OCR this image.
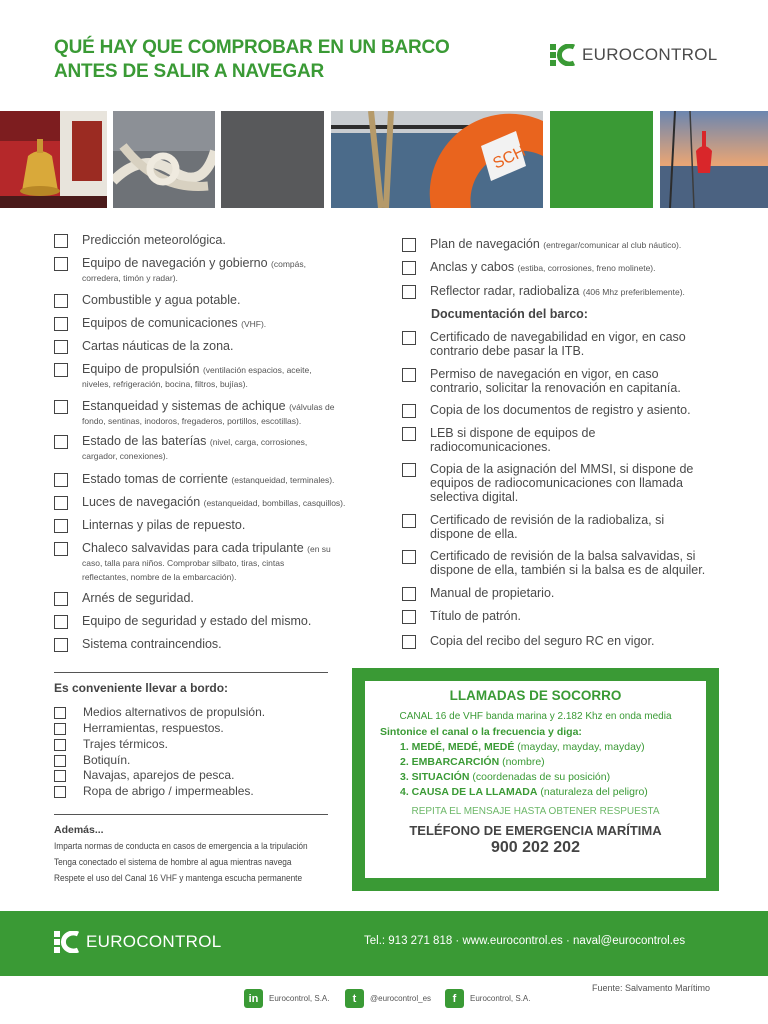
QUÉ HAY QUE COMPROBAR EN UN BARCO
ANTES DE SALIR A NAVEGAR
EUROCONTROL
SCH
Predicción meteorológica.
Equipo de navegación y gobierno (compás,
corredera, timón y radar).
Combustible y agua potable.
Equipos de comunicaciones (VHF).
Cartas náuticas de la zona.
Equipo de propulsión (ventilación espacios, aceite,
niveles, refrigeración, bocina, filtros, bujías).
Estanqueidad y sistemas de achique (válvulas de
fondo, sentinas, inodoros, fregaderos, portillos, escotillas).
Estado de las baterías (nivel, carga, corrosiones,
cargador, conexiones).
Estado tomas de corriente (estanqueidad, terminales).
Luces de navegación (estanqueidad, bombillas, casquillos).
Linternas y pilas de repuesto.
Chaleco salvavidas para cada tripulante (en su
caso, talla para niños. Comprobar silbato, tiras, cintas
reflectantes, nombre de la embarcación).
Arnés de seguridad.
Equipo de seguridad y estado del mismo.
Sistema contraincendios.
Plan de navegación (entregar/comunicar al club náutico).
Anclas y cabos (estiba, corrosiones, freno molinete).
Reflector radar, radiobaliza (406 Mhz preferiblemente).
Certificado de navegabilidad en vigor, en caso
contrario debe pasar la ITB.
Permiso de navegación en vigor, en caso
contrario, solicitar la renovación en capitanía.
Copia de los documentos de registro y asiento.
LEB si dispone de equipos de
radiocomunicaciones.
Copia de la asignación del MMSI, si dispone de
equipos de radiocomunicaciones con llamada
selectiva digital.
Certificado de revisión de la radiobaliza, si
dispone de ella.
Certificado de revisión de la balsa salvavidas, si
dispone de ella, también si la balsa es de alquiler.
Manual de propietario.
Título de patrón.
Copia del recibo del seguro RC en vigor.
Documentación del barco:
Es conveniente llevar a bordo:
Medios alternativos de propulsión.
Herramientas, respuestos.
Trajes térmicos.
Botiquín.
Navajas, aparejos de pesca.
Ropa de abrigo / impermeables.
Además...

Imparta normas de conducta en casos de emergencia a la tripulación

Tenga conectado el sistema de hombre al agua mientras navega

Respete el uso del Canal 16 VHF y mantenga escucha permanente

LLAMADAS DE SOCORRO
CANAL 16 de VHF banda marina y 2.182 Khz en onda media
Sintonice el canal o la frecuencia y diga:
1. MEDÉ, MEDÉ, MEDÉ (mayday, mayday, mayday)
2. EMBARCARCIÓN (nombre)
3. SITUACIÓN (coordenadas de su posición)
4. CAUSA DE LA LLAMADA (naturaleza del peligro)
REPITA EL MENSAJE HASTA OBTENER RESPUESTA
TELÉFONO DE EMERGENCIA MARÍTIMA
900 202 202
EUROCONTROL	Tel.: 913 271 818 · www.eurocontrol.es · naval@eurocontrol.es
in	Eurocontrol, S.A.	t	@eurocontrol_es	f	Eurocontrol, S.A.
Fuente: Salvamento Marítimo
